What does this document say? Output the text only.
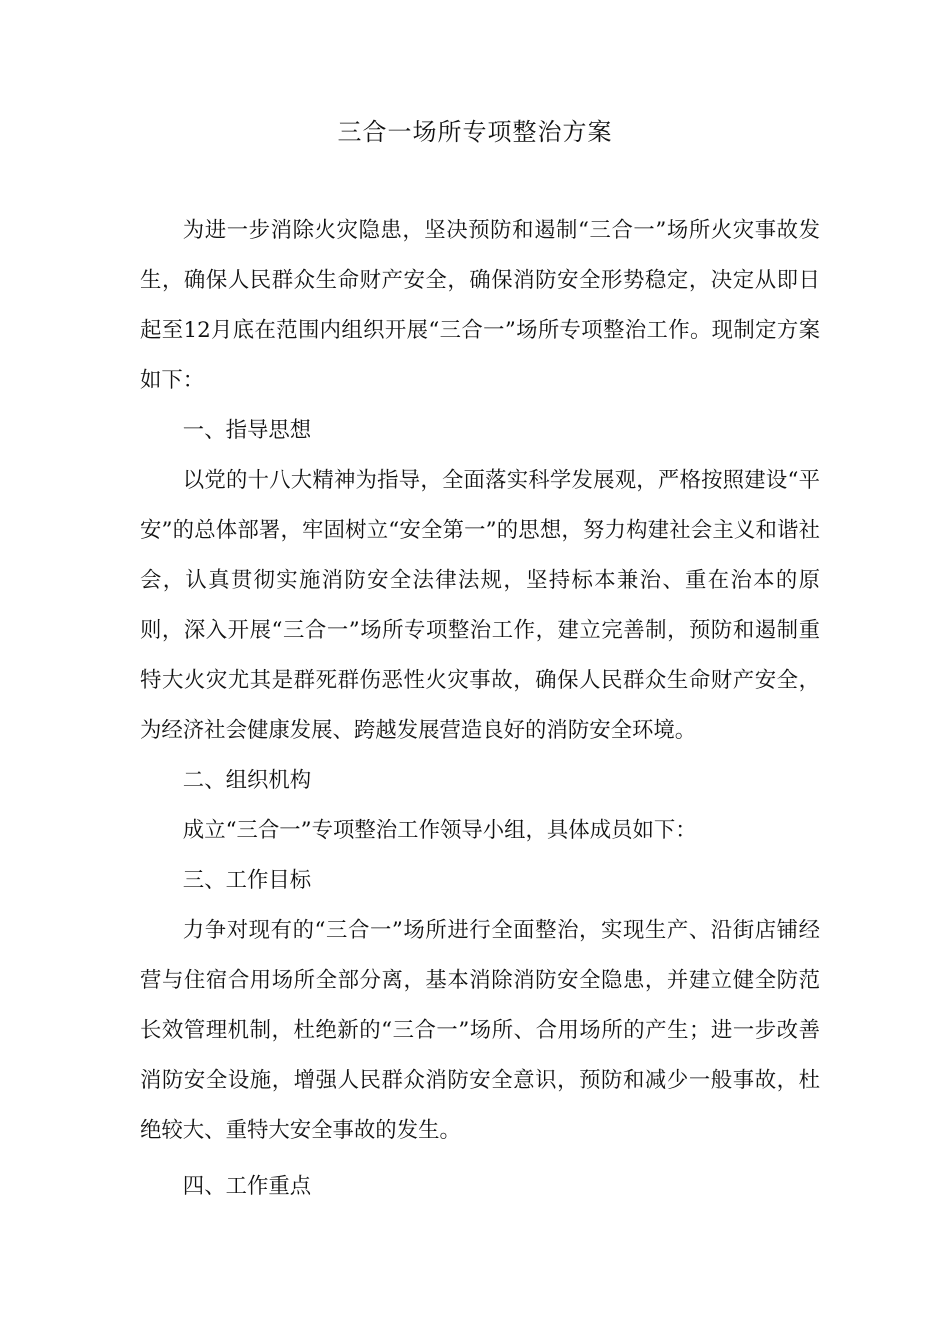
三合一场所专项整治方案

为进一步消除火灾隐患，坚决预防和遏制“三合一”场所火灾事故发生，确保人民群众生命财产安全，确保消防安全形势稳定，决定从即日起至12月底在范围内组织开展“三合一”场所专项整治工作。现制定方案如下：

一、指导思想

以党的十八大精神为指导，全面落实科学发展观，严格按照建设“平安”的总体部署，牢固树立“安全第一”的思想，努力构建社会主义和谐社会，认真贯彻实施消防安全法律法规，坚持标本兼治、重在治本的原则，深入开展“三合一”场所专项整治工作，建立完善制，预防和遏制重特大火灾尤其是群死群伤恶性火灾事故，确保人民群众生命财产安全，为经济社会健康发展、跨越发展营造良好的消防安全环境。

二、组织机构

成立“三合一”专项整治工作领导小组，具体成员如下：

三、工作目标

力争对现有的“三合一”场所进行全面整治，实现生产、沿街店铺经营与住宿合用场所全部分离，基本消除消防安全隐患，并建立健全防范长效管理机制，杜绝新的“三合一”场所、合用场所的产生；进一步改善消防安全设施，增强人民群众消防安全意识，预防和减少一般事故，杜绝较大、重特大安全事故的发生。

四、工作重点
